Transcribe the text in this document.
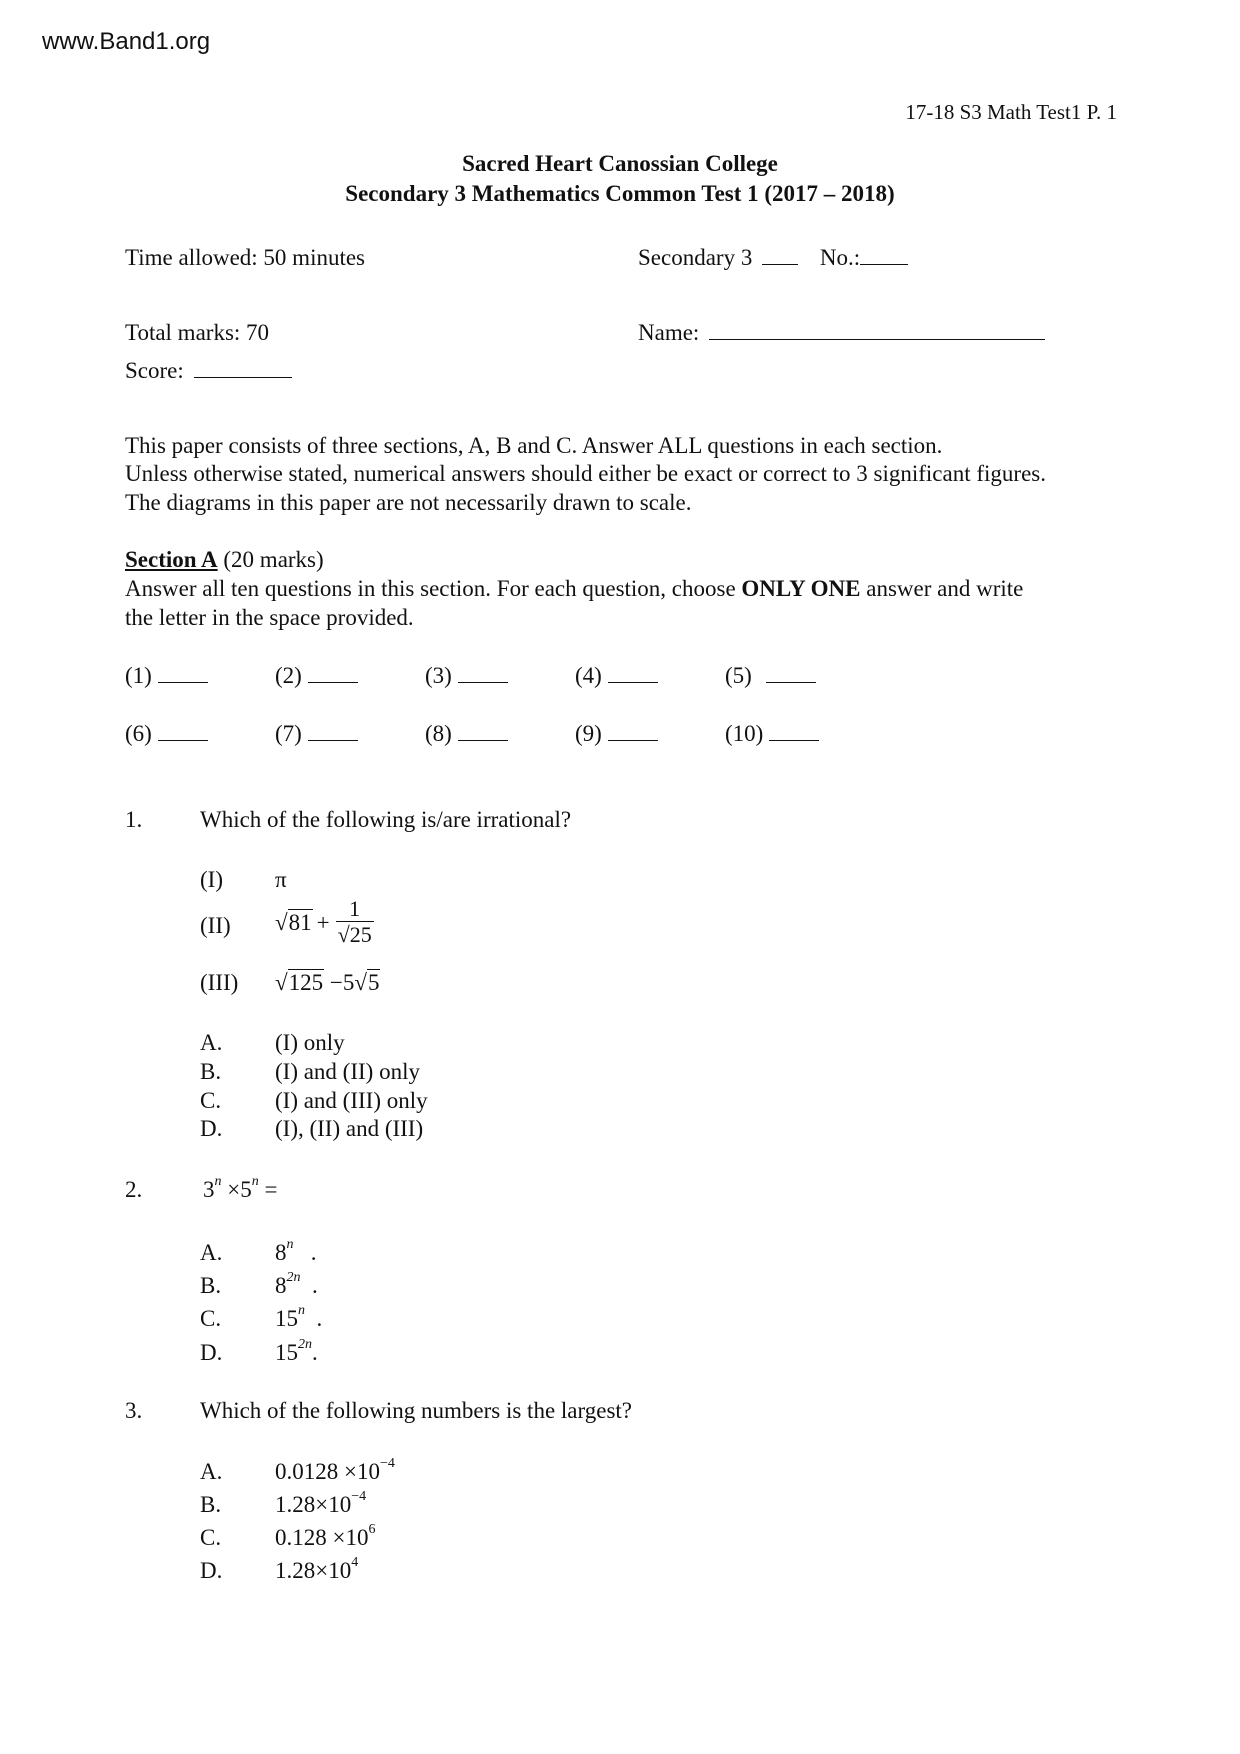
www.Band1.org
17-18 S3 Math Test1 P. 1
Sacred Heart Canossian College
Secondary 3 Mathematics Common Test 1 (2017 – 2018)
Time allowed: 50 minutes	Secondary 3	No.:
Total marks: 70	Name:
Score:
This paper consists of three sections, A, B and C. Answer ALL questions in each section.
Unless otherwise stated, numerical answers should either be exact or correct to 3 significant figures.
The diagrams in this paper are not necessarily drawn to scale.
Section A (20 marks)
Answer all ten questions in this section. For each question, choose ONLY ONE answer and write
the letter in the space provided.
(1)	(2)	(3)	(4)	(5)
(6)	(7)	(8)	(9)	(10)
1.	Which of the following is/are irrational?
(I) π
(II) $√81 + \frac{1}{√25}$
(III) √125 −5√5
A. (I) only
B. (I) and (II) only
C. (I) and (III) only
D. (I), (II) and (III)
2.	$3^n \times 5^n$ =
A. 8$^n$   .
B. $8^{2n}$  .
C. 15$^n$  .
D. $15^{2n}$.
3.	Which of the following numbers is the largest?
A. $0.0128 \times 10^{-4}$
B. $1.28\times 10^{-4}$
C. $0.128 \times 10^6$
D. $1.28\times 10^4$
